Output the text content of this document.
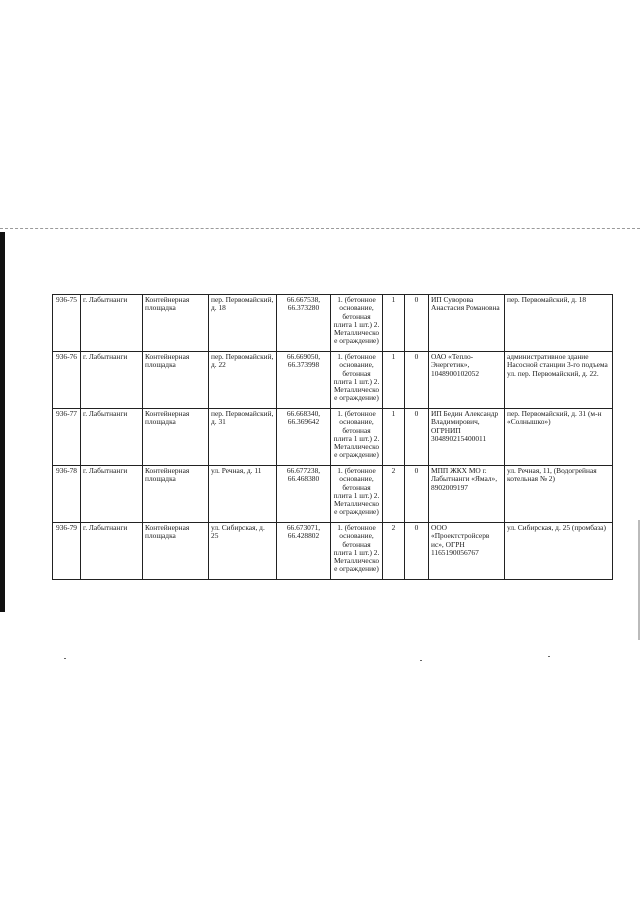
936-75	г. Лабытнанги	Контейнерная площадка	пер. Первомайский, д. 18	66.667538, 66.373280	1. (бетонное основание, бетонная плита 1 шт.) 2. Металлическо е ограждение)	1	0	ИП Суворова Анастасия Романовна	пер. Первомайский, д. 18
936-76	г. Лабытнанги	Контейнерная площадка	пер. Первомайский, д. 22	66.669050, 66.373998	1. (бетонное основание, бетонная плита 1 шт.) 2. Металлическо е ограждение)	1	0	ОАО «Тепло-Энергетик», 1048900102052	административное здание Насосной станции 3-го подъема ул. пер. Первомайский, д. 22.
936-77	г. Лабытнанги	Контейнерная площадка	пер. Первомайский, д. 31	66.668340, 66.369642	1. (бетонное основание, бетонная плита 1 шт.) 2. Металлическо е ограждение)	1	0	ИП Бедин Александр Владимирович, ОГРНИП 304890215400011	пер. Первомайский, д. 31 (м-н «Солнышко»)
936-78	г. Лабытнанги	Контейнерная площадка	ул. Речная, д. 11	66.677238, 66.468380	1. (бетонное основание, бетонная плита 1 шт.) 2. Металлическо е ограждение)	2	0	МПП ЖКХ МО г. Лабытнанги «Ямал», 8902009197	ул. Речная, 11, (Водогрейная котельная № 2)
936-79	г. Лабытнанги	Контейнерная площадка	ул. Сибирская, д. 25	66.673071, 66.428802	1. (бетонное основание, бетонная плита 1 шт.) 2. Металлическо е ограждение)	2	0	ООО «Проектстройсерв ис», ОГРН 1165190056767	ул. Сибирская, д. 25 (промбаза)
